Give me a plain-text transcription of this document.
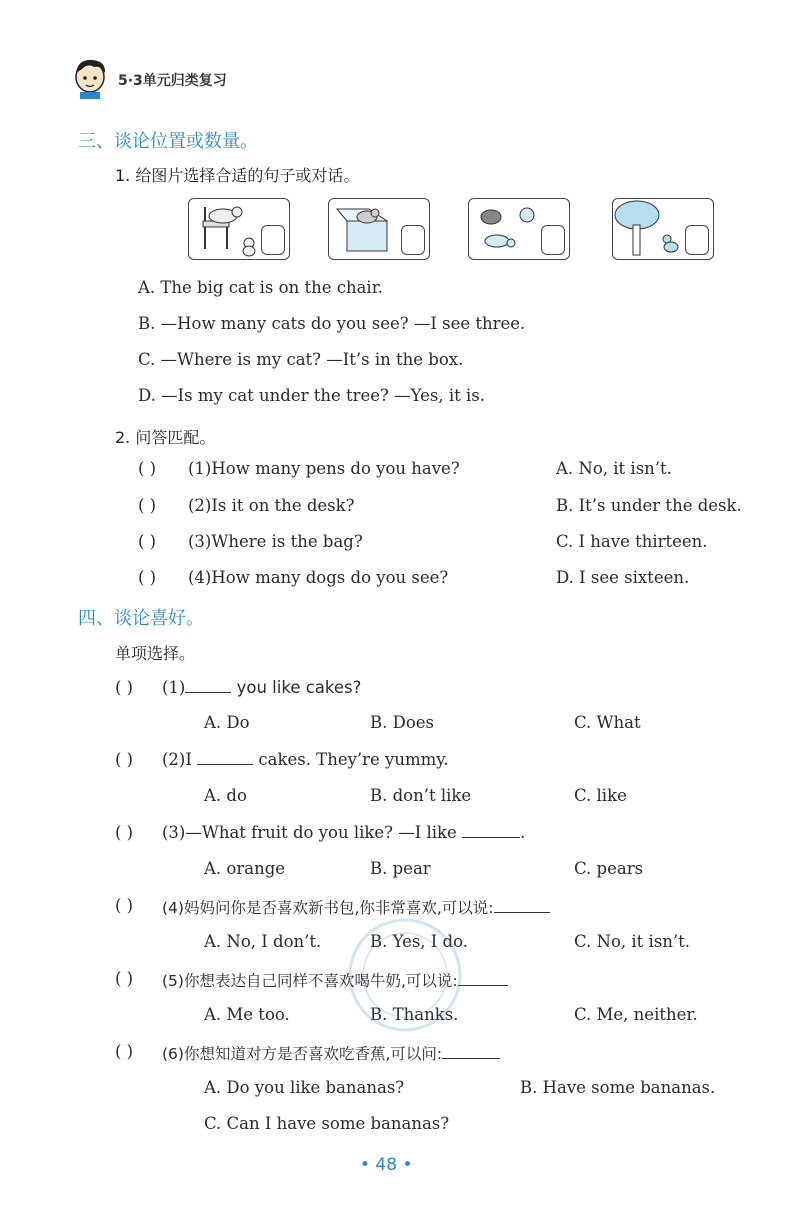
5·3单元归类复习
三、谈论位置或数量。
1. 给图片选择合适的句子或对话。
A. The big cat is on the chair.
B. —How many cats do you see? —I see three.
C. —Where is my cat? —It’s in the box.
D. —Is my cat under the tree? —Yes, it is.
2. 问答匹配。
( ) (1)How many pens do you have?	A. No, it isn’t.
( ) (2)Is it on the desk?	B. It’s under the desk.
( ) (3)Where is the bag?	C. I have thirteen.
( ) (4)How many dogs do you see?	D. I see sixteen.
四、谈论喜好。
单项选择。
( ) (1)	you like cakes?
A. Do	B. Does	C. What
( ) (2)I	cakes. They’re yummy.
A. do	B. don’t like	C. like
( ) (3)—What fruit do you like? —I like	.
A. orange	B. pear	C. pears
( ) (4)妈妈问你是否喜欢新书包,你非常喜欢,可以说:
A. No, I don’t.	B. Yes, I do.	C. No, it isn’t.
( ) (5)你想表达自己同样不喜欢喝牛奶,可以说:
A. Me too.	B. Thanks.	C. Me, neither.
( ) (6)你想知道对方是否喜欢吃香蕉,可以问:
A. Do you like bananas?	B. Have some bananas.
C. Can I have some bananas?
• 48 •
